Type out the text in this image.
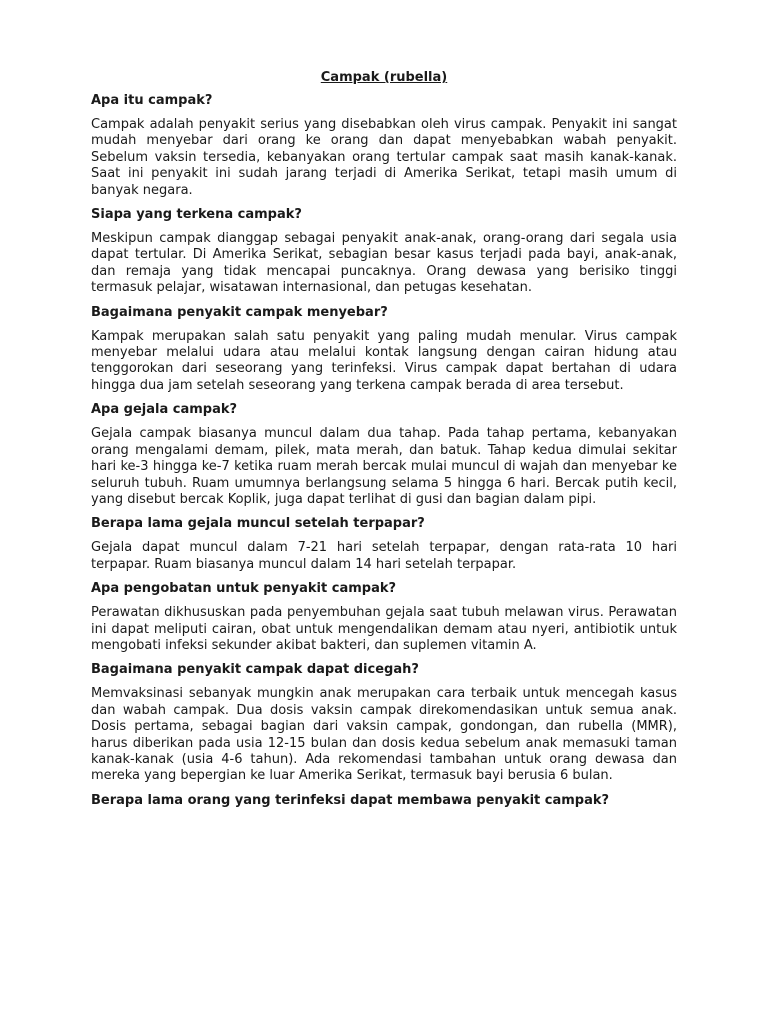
Campak (rubella)
Apa itu campak?

Campak adalah penyakit serius yang disebabkan oleh virus campak. Penyakit ini sangat mudah menyebar dari orang ke orang dan dapat menyebabkan wabah penyakit. Sebelum vaksin tersedia, kebanyakan orang tertular campak saat masih kanak-kanak. Saat ini penyakit ini sudah jarang terjadi di Amerika Serikat, tetapi masih umum di banyak negara.

Siapa yang terkena campak?

Meskipun campak dianggap sebagai penyakit anak-anak, orang-orang dari segala usia dapat tertular. Di Amerika Serikat, sebagian besar kasus terjadi pada bayi, anak-anak, dan remaja yang tidak mencapai puncaknya. Orang dewasa yang berisiko tinggi termasuk pelajar, wisatawan internasional, dan petugas kesehatan.

Bagaimana penyakit campak menyebar?

Kampak merupakan salah satu penyakit yang paling mudah menular. Virus campak menyebar melalui udara atau melalui kontak langsung dengan cairan hidung atau tenggorokan dari seseorang yang terinfeksi. Virus campak dapat bertahan di udara hingga dua jam setelah seseorang yang terkena campak berada di area tersebut.

Apa gejala campak?

Gejala campak biasanya muncul dalam dua tahap. Pada tahap pertama, kebanyakan orang mengalami demam, pilek, mata merah, dan batuk. Tahap kedua dimulai sekitar hari ke-3 hingga ke-7 ketika ruam merah bercak mulai muncul di wajah dan menyebar ke seluruh tubuh. Ruam umumnya berlangsung selama 5 hingga 6 hari. Bercak putih kecil, yang disebut bercak Koplik, juga dapat terlihat di gusi dan bagian dalam pipi.

Berapa lama gejala muncul setelah terpapar?

Gejala dapat muncul dalam 7-21 hari setelah terpapar, dengan rata-rata 10 hari terpapar. Ruam biasanya muncul dalam 14 hari setelah terpapar.

Apa pengobatan untuk penyakit campak?

Perawatan dikhususkan pada penyembuhan gejala saat tubuh melawan virus. Perawatan ini dapat meliputi cairan, obat untuk mengendalikan demam atau nyeri, antibiotik untuk mengobati infeksi sekunder akibat bakteri, dan suplemen vitamin A.

Bagaimana penyakit campak dapat dicegah?

Memvaksinasi sebanyak mungkin anak merupakan cara terbaik untuk mencegah kasus dan wabah campak. Dua dosis vaksin campak direkomendasikan untuk semua anak. Dosis pertama, sebagai bagian dari vaksin campak, gondongan, dan rubella (MMR), harus diberikan pada usia 12-15 bulan dan dosis kedua sebelum anak memasuki taman kanak-kanak (usia 4-6 tahun). Ada rekomendasi tambahan untuk orang dewasa dan mereka yang bepergian ke luar Amerika Serikat, termasuk bayi berusia 6 bulan.

Berapa lama orang yang terinfeksi dapat membawa penyakit campak?
